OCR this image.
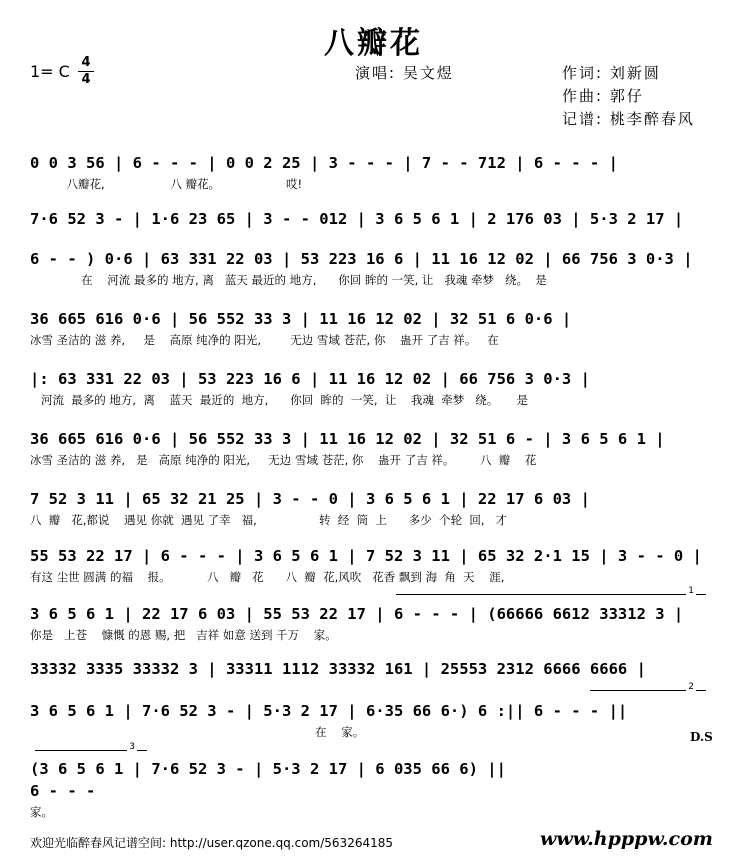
八瓣花
1= C 4
4	演唱: 吴文煜	作词: 刘新圆
作曲: 郭仔
记谱: 桃李醉春风
0 0 3 56 | 6 - - - | 0 0 2 25 | 3 - - - | 7 - - 712 | 6 - - - |
八瓣花,                  八 瓣花。                  哎!
7·6 52 3 - | 1·6 23 65 | 3 - - 012 | 3 6 5 6 1 | 2 176 03 | 5·3 2 17 |
6 - - ) 0·6 | 63 331 22 03 | 53 223 16 6 | 11 16 12 02 | 66 756 3 0·3 |
在    河流 最多的 地方, 离   蓝天 最近的 地方,      你回 眸的 一笑, 让   我魂 牵梦   绕。  是
36 665 616 0·6 | 56 552 33 3 | 11 16 12 02 | 32 51 6 0·6 |
冰雪 圣洁的 滋 养,     是    高原 纯净的 阳光,        无边 雪域 苍茫, 你    蛊开 了吉 祥。   在
|: 63 331 22 03 | 53 223 16 6 | 11 16 12 02 | 66 756 3 0·3 |
河流  最多的 地方,  离    蓝天  最近的  地方,      你回  眸的  一笑,  让    我魂  牵梦   绕。     是
36 665 616 0·6 | 56 552 33 3 | 11 16 12 02 | 32 51 6 - | 3 6 5 6 1 |
冰雪 圣洁的 滋 养,   是   高原 纯净的 阳光,     无边 雪域 苍茫, 你    蛊开 了吉 祥。       八  瓣    花
7 52 3 11 | 65 32 21 25 | 3 - - 0 | 3 6 5 6 1 | 22 17 6 03 |
八  瓣   花,都说    遇见 你就  遇见 了幸   福,                 转  经  筒  上      多少  个轮  回,   才
55 53 22 17 | 6 - - - | 3 6 5 6 1 | 7 52 3 11 | 65 32 2·1 15 | 3 - - 0 |
有这 尘世 圆满 的福    报。          八   瓣   花      八  瓣  花,风吹   花香 飘到 海  角  天    涯,
1
3 6 5 6 1 | 22 17 6 03 | 55 53 22 17 | 6 - - - | (66666 6612 33312 3 |
你是   上苍    慷慨 的恩 赐, 把   吉祥 如意 送到 千万    家。
33332 3335 33332 3 | 33311 1112 33332 161 | 25553 2312 6666 6666 |
2
3 6 5 6 1 | 7·6 52 3 - | 5·3 2 17 | 6·35 66 6·) 6 :|| 6 - - - ||
在    家。	D.S
3
(3 6 5 6 1 | 7·6 52 3 - | 5·3 2 17 | 6 035 66 6) ||
6 - - -
家。
欢迎光临醉春风记谱空间: http://user.qzone.qq.com/563264185	www.hpppw.com
